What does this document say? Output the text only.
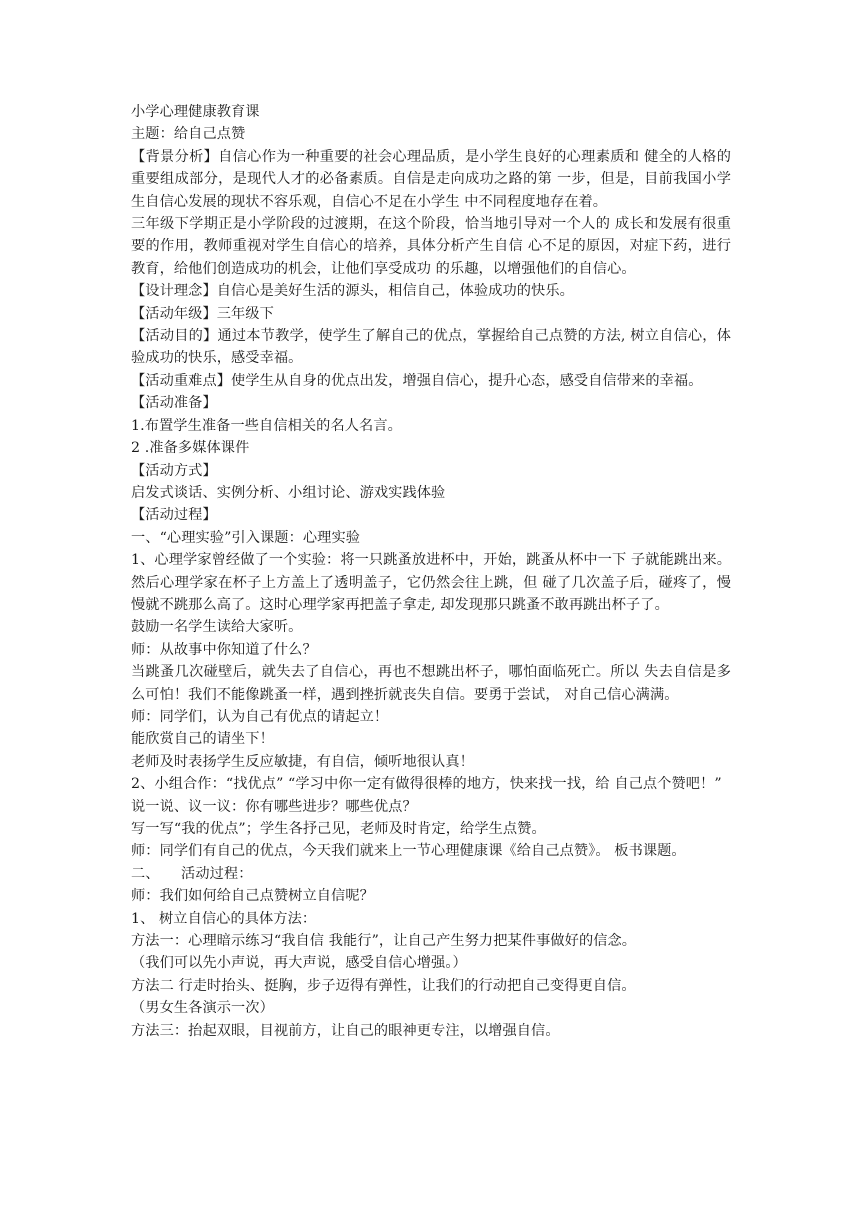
小学心理健康教育课

主题：给自己点赞

【背景分析】自信心作为一种重要的社会心理品质，是小学生良好的心理素质和 健全的人格的重要组成部分，是现代人才的必备素质。自信是走向成功之路的第 一步，但是，目前我国小学生自信心发展的现状不容乐观，自信心不足在小学生 中不同程度地存在着。

三年级下学期正是小学阶段的过渡期，在这个阶段，恰当地引导对一个人的 成长和发展有很重要的作用，教师重视对学生自信心的培养，具体分析产生自信 心不足的原因，对症下药，进行教育，给他们创造成功的机会，让他们享受成功 的乐趣，以增强他们的自信心。

【设计理念】自信心是美好生活的源头，相信自己，体验成功的快乐。

【活动年级】三年级下

【活动目的】通过本节教学，使学生了解自己的优点，掌握给自己点赞的方法, 树立自信心，体验成功的快乐，感受幸福。

【活动重难点】使学生从自身的优点出发，增强自信心，提升心态，感受自信带来的幸福。

【活动准备】

1.布置学生准备一些自信相关的名人名言。

2 .准备多媒体课件

【活动方式】

启发式谈话、实例分析、小组讨论、游戏实践体验

【活动过程】

一、“心理实验”引入课题：心理实验

1、心理学家曾经做了一个实验：将一只跳蚤放进杯中，开始，跳蚤从杯中一下 子就能跳出来。然后心理学家在杯子上方盖上了透明盖子，它仍然会往上跳，但 碰了几次盖子后，碰疼了，慢慢就不跳那么高了。这时心理学家再把盖子拿走, 却发现那只跳蚤不敢再跳出杯子了。

鼓励一名学生读给大家听。

师：从故事中你知道了什么？

当跳蚤几次碰壁后，就失去了自信心，再也不想跳出杯子，哪怕面临死亡。所以 失去自信是多么可怕！我们不能像跳蚤一样，遇到挫折就丧失自信。要勇于尝试， 对自己信心满满。

师：同学们，认为自己有优点的请起立！

能欣赏自己的请坐下！

老师及时表扬学生反应敏捷，有自信，倾听地很认真！

2、小组合作：“找优点” “学习中你一定有做得很棒的地方，快来找一找，给 自己点个赞吧！”

说一说、议一议：你有哪些进步？哪些优点？

写一写“我的优点”；学生各抒己见，老师及时肯定，给学生点赞。

师：同学们有自己的优点，今天我们就来上一节心理健康课《给自己点赞》。 板书课题。

二、　　活动过程：

师：我们如何给自己点赞树立自信呢？

1、 树立自信心的具体方法：

方法一：心理暗示练习“我自信 我能行”，让自己产生努力把某件事做好的信念。

（我们可以先小声说，再大声说，感受自信心增强。）

方法二 行走时抬头、挺胸，步子迈得有弹性，让我们的行动把自己变得更自信。

（男女生各演示一次）

方法三：抬起双眼，目视前方，让自己的眼神更专注，以增强自信。
